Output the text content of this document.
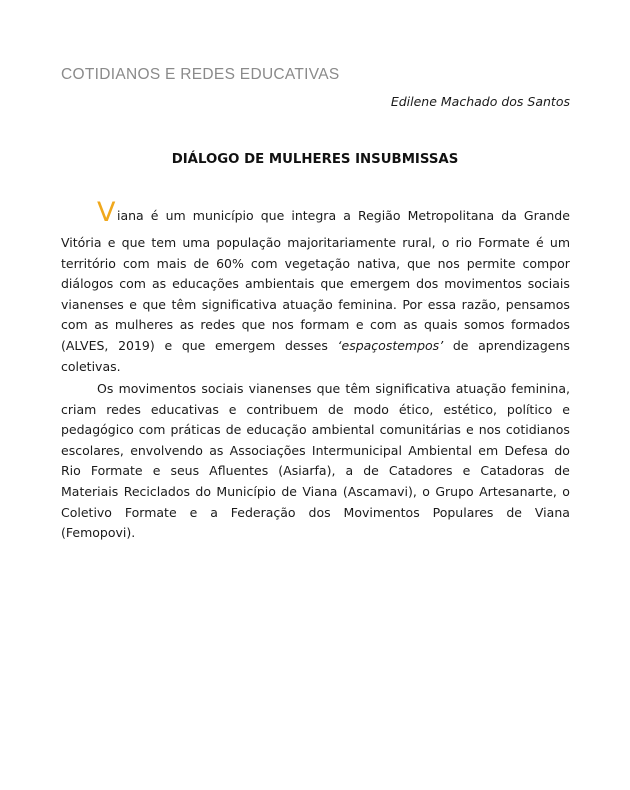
COTIDIANOS E REDES EDUCATIVAS
Edilene Machado dos Santos
DIÁLOGO DE MULHERES INSUBMISSAS
V iana é um município que integra a Região Metropolitana da Grande
Vitória e que tem uma população majoritariamente rural, o rio Formate é um
território com mais de 60% com vegetação nativa, que nos permite compor
diálogos com as educações ambientais que emergem dos movimentos sociais
vianenses e que têm significativa atuação feminina. Por essa razão, pensamos
com as mulheres as redes que nos formam e com as quais somos formados
(ALVES, 2019) e que emergem desses ‘espaçostempos’ de aprendizagens
coletivas.
Os movimentos sociais vianenses que têm significativa atuação feminina,
criam redes educativas e contribuem de modo ético, estético, político e
pedagógico com práticas de educação ambiental comunitárias e nos cotidianos
escolares, envolvendo as Associações Intermunicipal Ambiental em Defesa do
Rio Formate e seus Afluentes (Asiarfa), a de Catadores e Catadoras de
Materiais Reciclados do Município de Viana (Ascamavi), o Grupo Artesanarte, o
Coletivo Formate e a Federação dos Movimentos Populares de Viana
(Femopovi).
